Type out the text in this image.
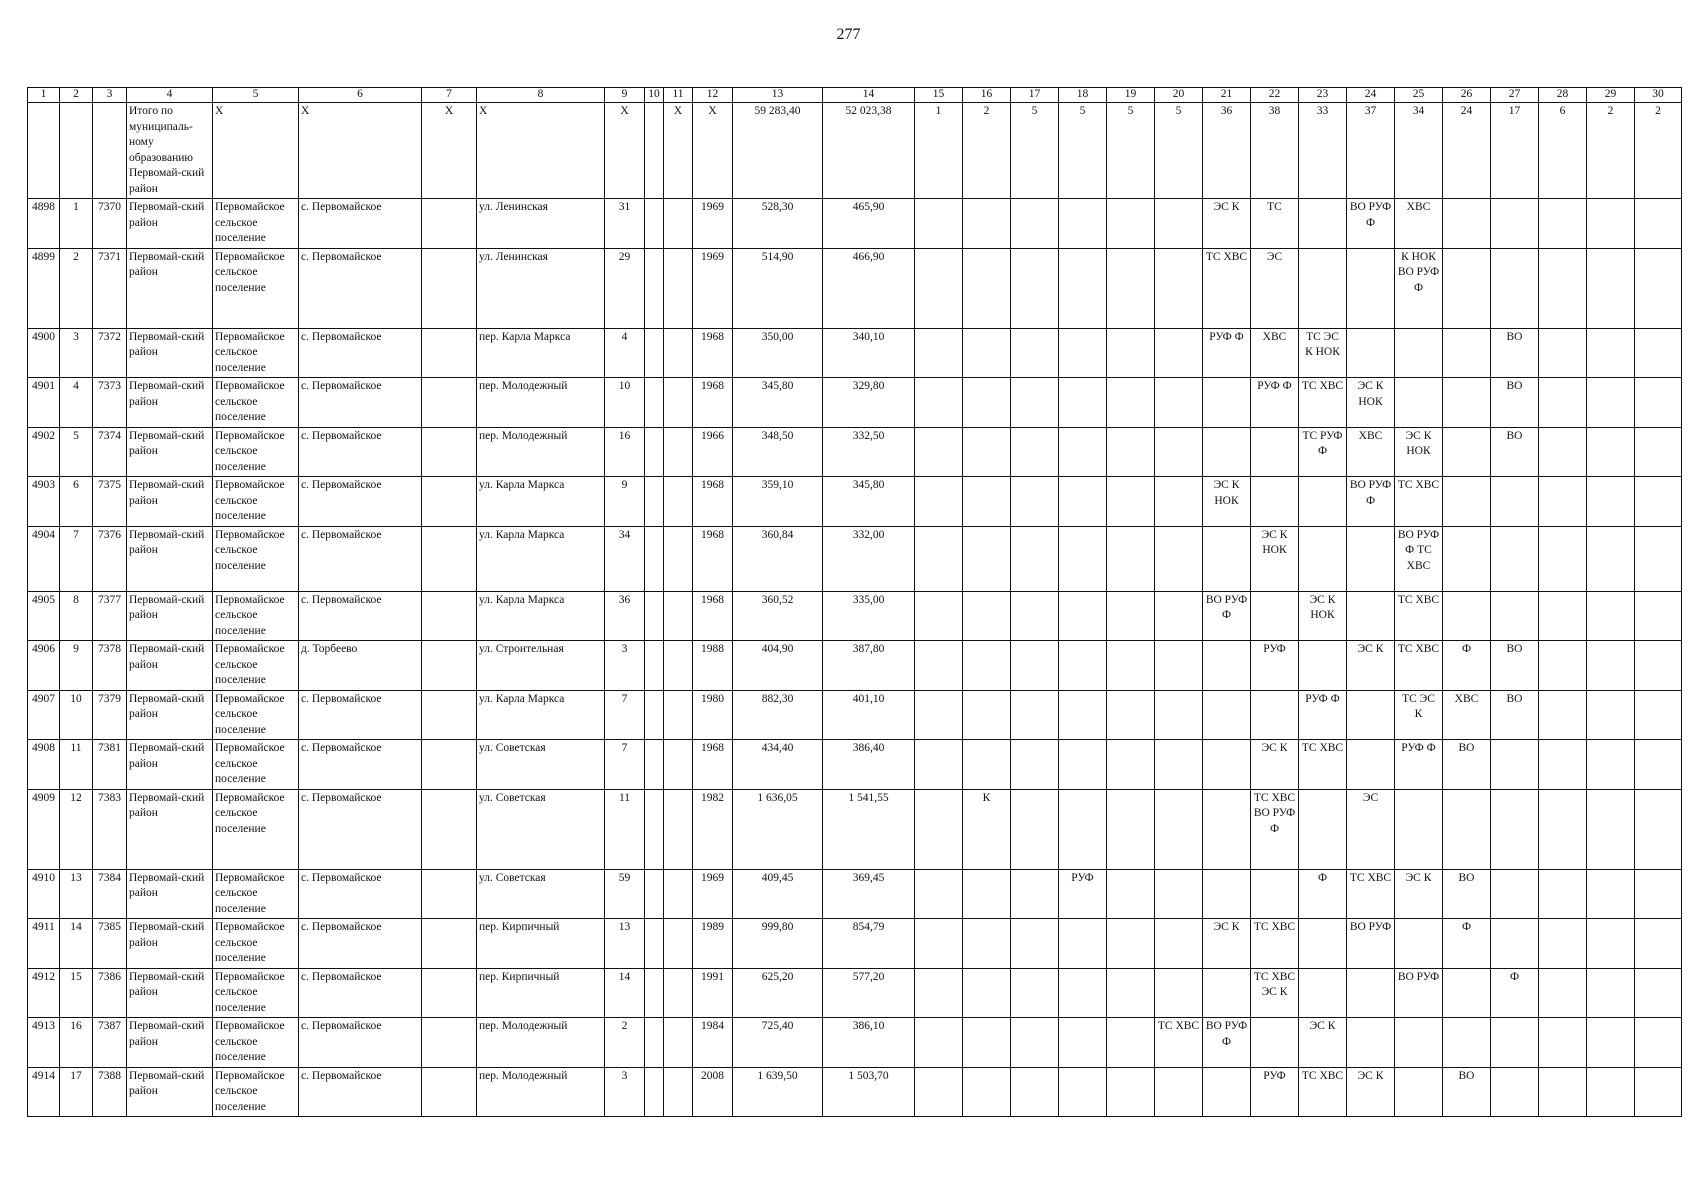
277
1	2	3	4	5	6	7	8	9	10	11	12	13	14	15	16	17	18	19	20	21	22	23	24	25	26	27	28	29	30
			Итого по муниципаль-ному образованию Первомай-ский район	X	X	X	X	X		X	X	59 283,40	52 023,38	1	2	5	5	5	5	36	38	33	37	34	24	17	6	2	2
4898	1	7370	Первомай-ский район	Первомайское сельское поселение	с. Первомайское		ул. Ленинская	31			1969	528,30	465,90							ЭС К	ТС		ВО РУФ Ф	ХВС					
4899	2	7371	Первомай-ский район	Первомайское сельское поселение	с. Первомайское		ул. Ленинская	29			1969	514,90	466,90							ТС ХВС	ЭС			К НОК ВО РУФ Ф					
4900	3	7372	Первомай-ский район	Первомайское сельское поселение	с. Первомайское		пер. Карла Маркса	4			1968	350,00	340,10							РУФ Ф	ХВС	ТС ЭС К НОК				ВО			
4901	4	7373	Первомай-ский район	Первомайское сельское поселение	с. Первомайское		пер. Молодежный	10			1968	345,80	329,80								РУФ Ф	ТС ХВС	ЭС К НОК			ВО			
4902	5	7374	Первомай-ский район	Первомайское сельское поселение	с. Первомайское		пер. Молодежный	16			1966	348,50	332,50									ТС РУФ Ф	ХВС	ЭС К НОК		ВО			
4903	6	7375	Первомай-ский район	Первомайское сельское поселение	с. Первомайское		ул. Карла Маркса	9			1968	359,10	345,80							ЭС К НОК			ВО РУФ Ф	ТС ХВС					
4904	7	7376	Первомай-ский район	Первомайское сельское поселение	с. Первомайское		ул. Карла Маркса	34			1968	360,84	332,00								ЭС К НОК			ВО РУФ Ф ТС ХВС					
4905	8	7377	Первомай-ский район	Первомайское сельское поселение	с. Первомайское		ул. Карла Маркса	36			1968	360,52	335,00							ВО РУФ Ф		ЭС К НОК		ТС ХВС					
4906	9	7378	Первомай-ский район	Первомайское сельское поселение	д. Торбеево		ул. Строительная	3			1988	404,90	387,80								РУФ		ЭС К	ТС ХВС	Ф	ВО			
4907	10	7379	Первомай-ский район	Первомайское сельское поселение	с. Первомайское		ул. Карла Маркса	7			1980	882,30	401,10									РУФ Ф		ТС ЭС К	ХВС	ВО			
4908	11	7381	Первомай-ский район	Первомайское сельское поселение	с. Первомайское		ул. Советская	7			1968	434,40	386,40								ЭС К	ТС ХВС		РУФ Ф	ВО				
4909	12	7383	Первомай-ский район	Первомайское сельское поселение	с. Первомайское		ул. Советская	11			1982	1 636,05	1 541,55		К						ТС ХВС ВО РУФ Ф		ЭС						
4910	13	7384	Первомай-ский район	Первомайское сельское поселение	с. Первомайское		ул. Советская	59			1969	409,45	369,45				РУФ					Ф	ТС ХВС	ЭС К	ВО				
4911	14	7385	Первомай-ский район	Первомайское сельское поселение	с. Первомайское		пер. Кирпичный	13			1989	999,80	854,79							ЭС К	ТС ХВС		ВО РУФ		Ф				
4912	15	7386	Первомай-ский район	Первомайское сельское поселение	с. Первомайское		пер. Кирпичный	14			1991	625,20	577,20								ТС ХВС ЭС К			ВО РУФ		Ф			
4913	16	7387	Первомай-ский район	Первомайское сельское поселение	с. Первомайское		пер. Молодежный	2			1984	725,40	386,10						ТС ХВС	ВО РУФ Ф		ЭС К							
4914	17	7388	Первомай-ский район	Первомайское сельское поселение	с. Первомайское		пер. Молодежный	3			2008	1 639,50	1 503,70								РУФ	ТС ХВС	ЭС К		ВО				
